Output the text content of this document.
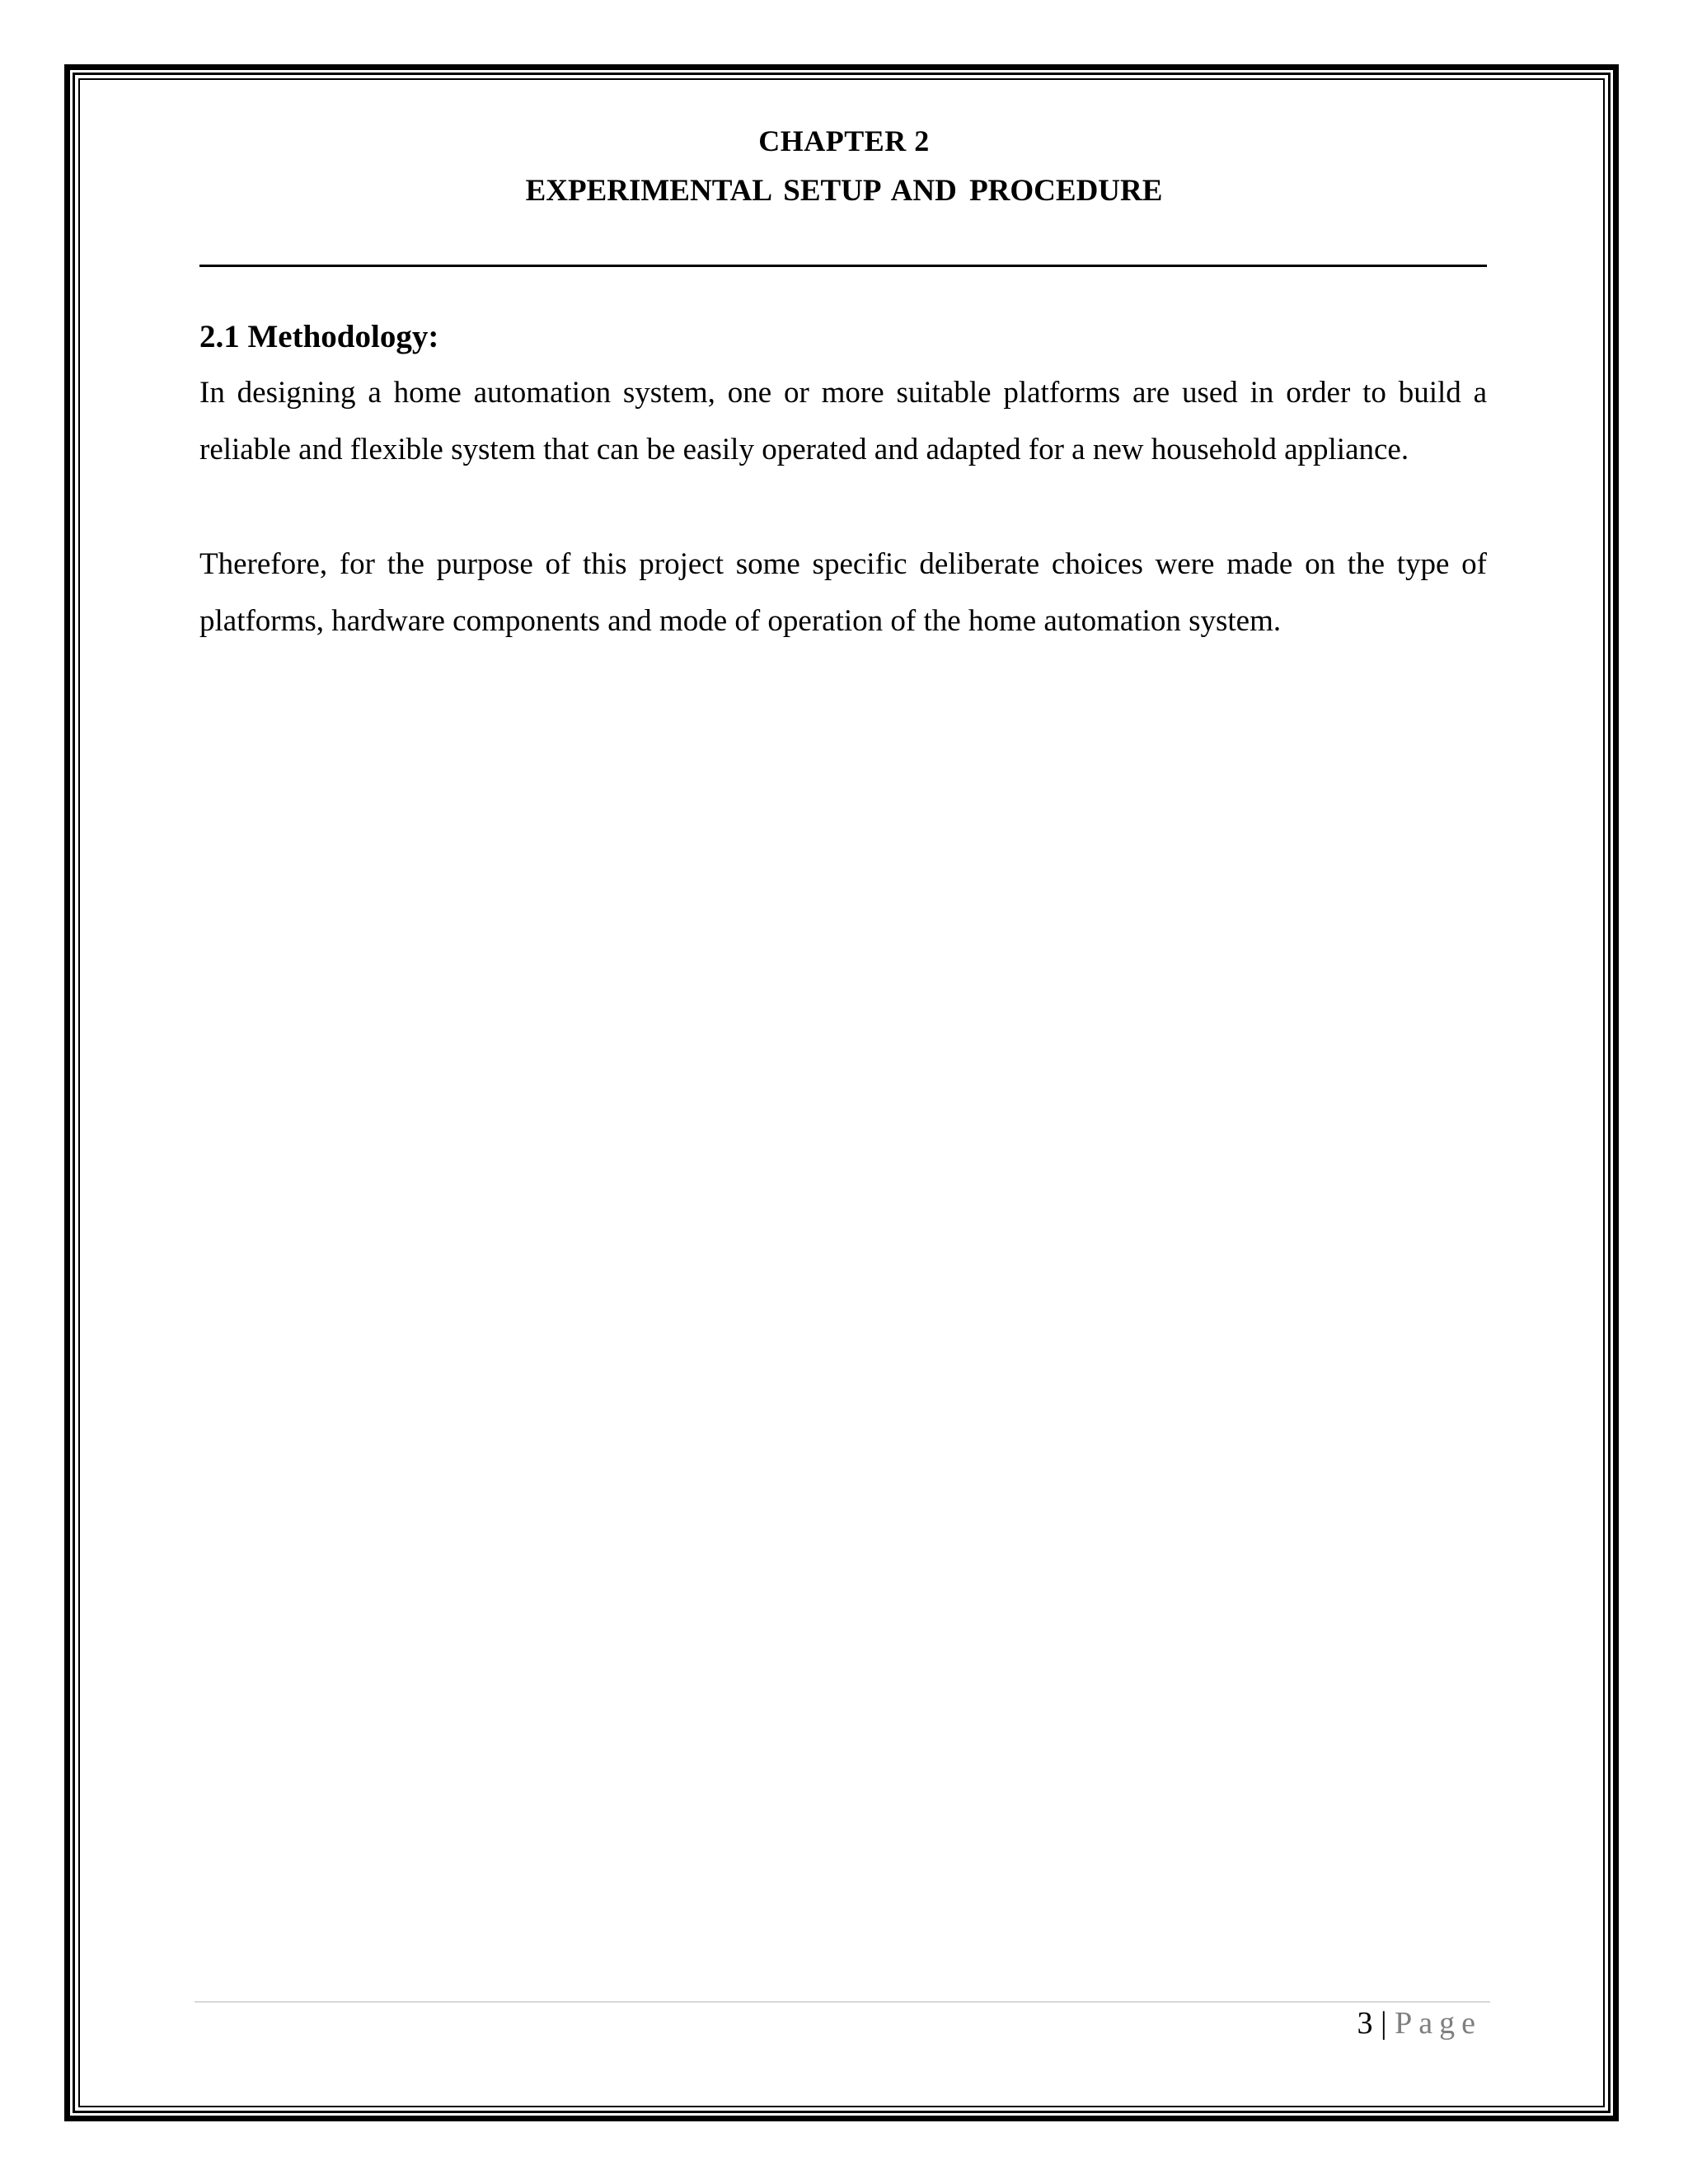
CHAPTER 2
EXPERIMENTAL SETUP AND PROCEDURE
2.1 Methodology:
In designing a home automation system, one or more suitable platforms are used in order to build a reliable and flexible system that can be easily operated and adapted for a new household appliance.
Therefore, for the purpose of this project some specific deliberate choices were made on the type of platforms, hardware components and mode of operation of the home automation system.
3 | Page
